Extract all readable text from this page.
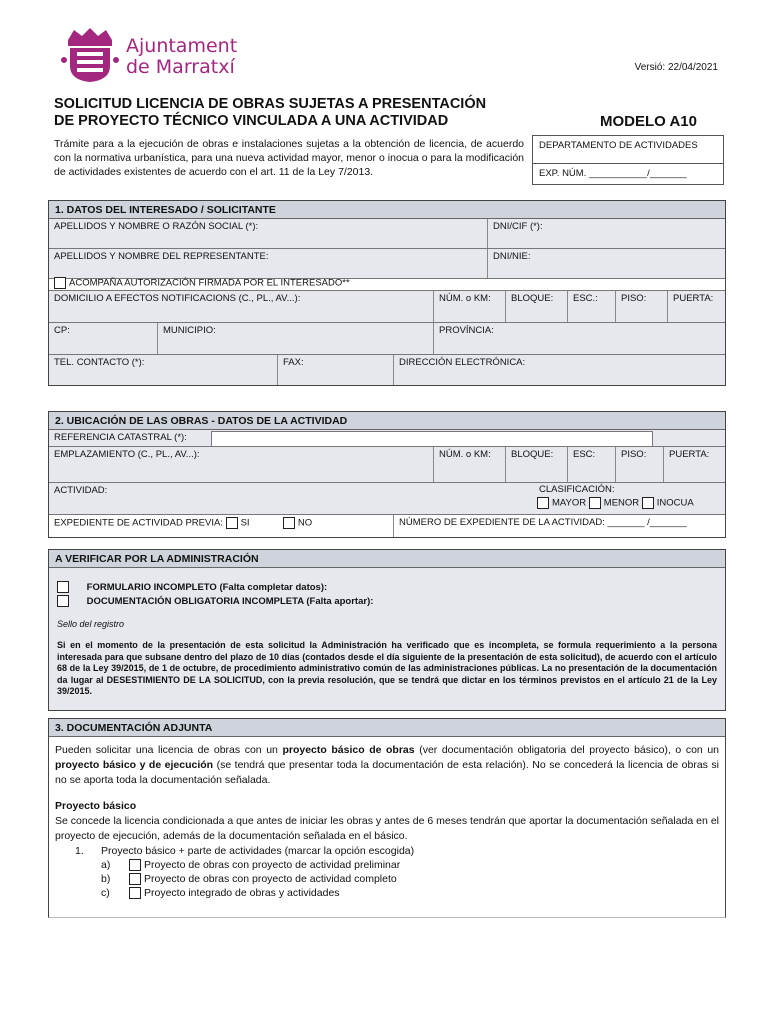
Ajuntament
de Marratxí	Versió: 22/04/2021
SOLICITUD LICENCIA DE OBRAS SUJETAS A PRESENTACIÓN
DE PROYECTO TÉCNICO VINCULADA A UNA ACTIVIDAD	MODELO A10
Trámite para a la ejecución de obras e instalaciones sujetas a la obtención de licencia, de acuerdo con la normativa urbanística, para una nueva actividad mayor, menor o inocua o para la modificación de actividades existentes de acuerdo con el art. 11 de la Ley 7/2013.
DEPARTAMENTO DE ACTIVIDADES
EXP. NÚM. ___________/_______
1. DATOS DEL INTERESADO / SOLICITANTE
APELLIDOS Y NOMBRE O RAZÓN SOCIAL (*):	DNI/CIF (*):
APELLIDOS Y NOMBRE DEL REPRESENTANTE:	DNI/NIE:
ACOMPAÑA AUTORIZACIÓN FIRMADA POR EL INTERESADO**
DOMICILIO A EFECTOS NOTIFICACIONS (C., PL., AV...):	NÚM. o KM:	BLOQUE:	ESC.:	PISO:	PUERTA:
CP:	MUNICIPIO:	PROVÍNCIA:
TEL. CONTACTO (*):	FAX:	DIRECCIÓN ELECTRÓNICA:
2. UBICACIÓN DE LAS OBRAS - DATOS DE LA ACTIVIDAD
REFERENCIA CATASTRAL (*):
EMPLAZAMIENTO (C., PL., AV...):	NÚM. o KM:	BLOQUE:	ESC:	PISO:	PUERTA:
ACTIVIDAD:	CLASIFICACIÓN:
MAYOR MENOR INOCUA
EXPEDIENTE DE ACTIVIDAD PREVIA: SI	NO	NÚMERO DE EXPEDIENTE DE LA ACTIVIDAD: _______ /_______
A VERIFICAR POR LA ADMINISTRACIÓN
FORMULARIO INCOMPLETO (Falta completar datos):
DOCUMENTACIÓN OBLIGATORIA INCOMPLETA (Falta aportar):
Sello del registro
Si en el momento de la presentación de esta solicitud la Administración ha verificado que es incompleta, se formula requerimiento a la persona interesada para que subsane dentro del plazo de 10 días (contados desde el día siguiente de la presentación de esta solicitud), de acuerdo con el artículo 68 de la Ley 39/2015, de 1 de octubre, de procedimiento administrativo común de las administraciones públicas. La no presentación de la documentación da lugar al DESESTIMIENTO DE LA SOLICITUD, con la previa resolución, que se tendrá que dictar en los términos previstos en el artículo 21 de la Ley 39/2015.
3. DOCUMENTACIÓN ADJUNTA
Pueden solicitar una licencia de obras con un proyecto básico de obras (ver documentación obligatoria del proyecto básico), o con un proyecto básico y de ejecución (se tendrá que presentar toda la documentación de esta relación). No se concederá la licencia de obras si no se aporta toda la documentación señalada.
Proyecto básico
Se concede la licencia condicionada a que antes de iniciar les obras y antes de 6 meses tendrán que aportar la documentación señalada en el proyecto de ejecución, además de la documentación señalada en el básico.
1. Proyecto básico + parte de actividades (marcar la opción escogida)
a)	Proyecto de obras con proyecto de actividad preliminar
b)	Proyecto de obras con proyecto de actividad completo
c)	Proyecto integrado de obras y actividades
